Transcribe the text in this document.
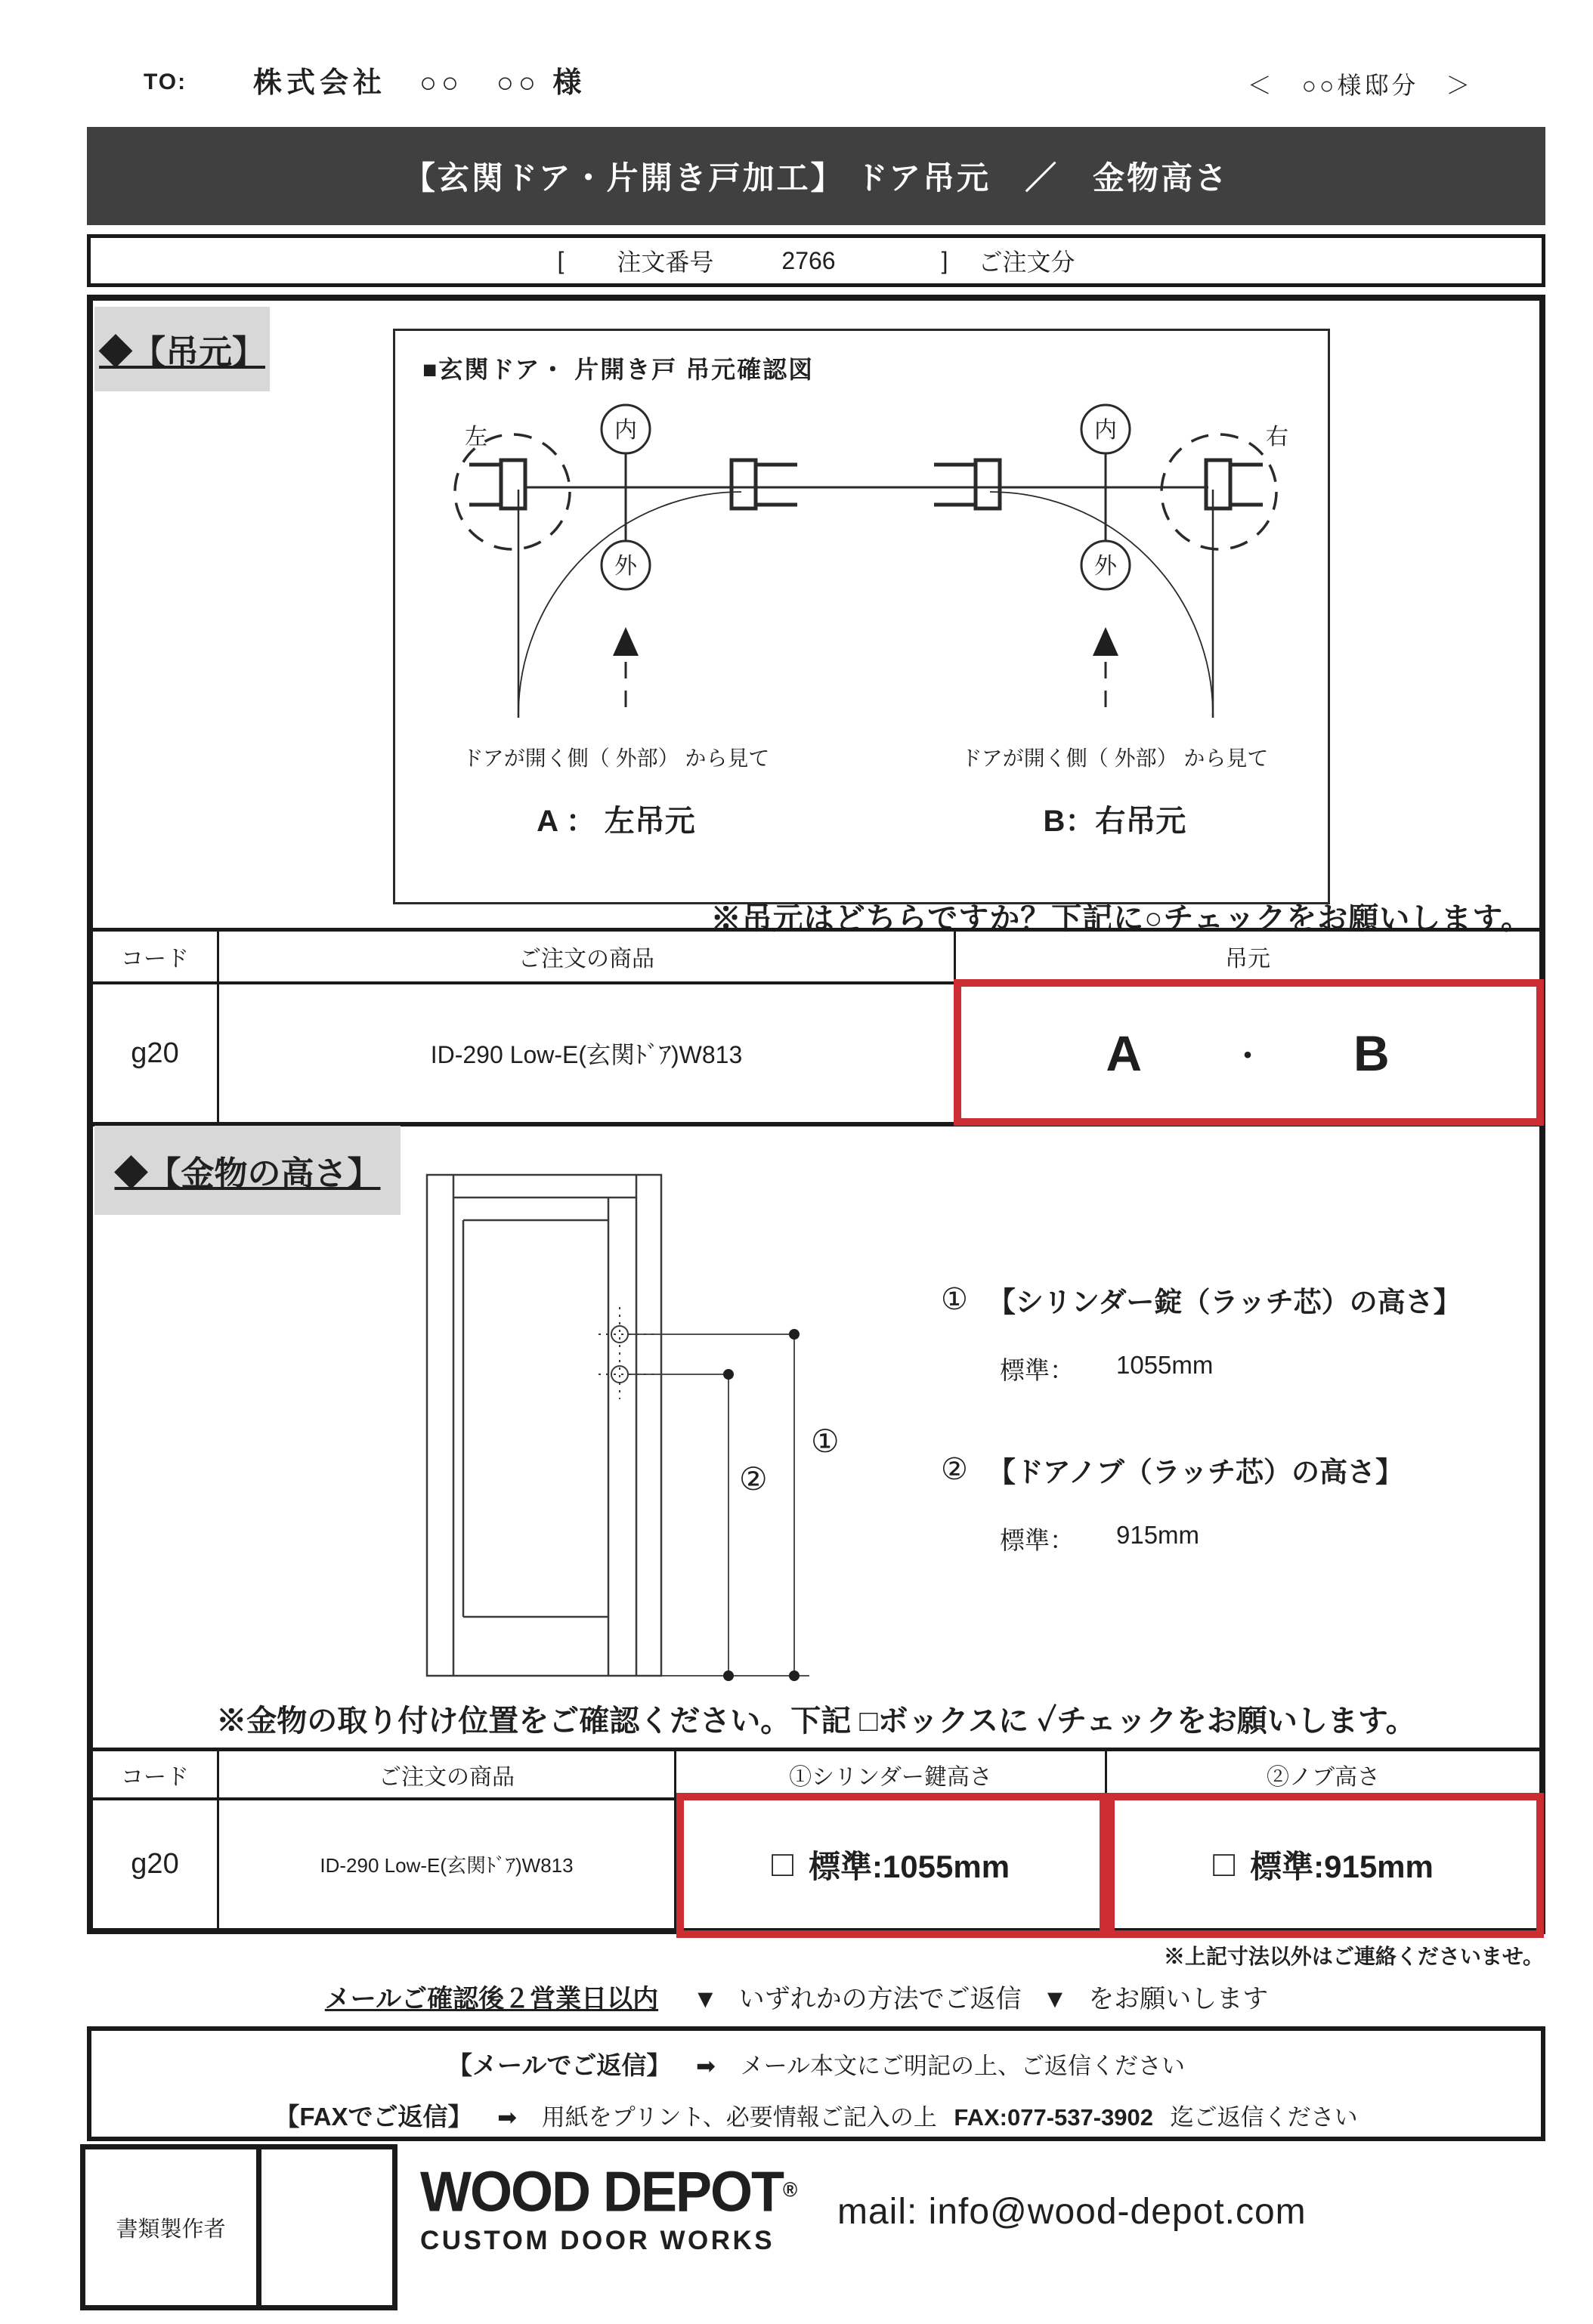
TO: 株式会社　○○　○○ 様	＜　○○様邸分　＞
【玄関ドア・片開き戸加工】 ドア吊元　／　金物高さ
[ 注文番号	2766	] ご注文分
◆【吊元】	■玄関ドア・ 片開き戸 吊元確認図
左	内
外
ドアが開く側（ 外部） から見て
A ： 左吊元
右
内
外
ドアが開く側（ 外部） から見て
B：右吊元
※吊元はどちらですか？下記に○チェックをお願いします。
コード	ご注文の商品	吊元
g20	ID-290 Low-E(玄関ﾄﾞｱ)W813	A	・ B
◆【金物の高さ】
①
②
① 【シリンダー錠（ラッチ芯）の高さ】
標準： 1055mm
② 【ドアノブ（ラッチ芯）の高さ】
標準： 915mm
※金物の取り付け位置をご確認ください。下記 □ボックスに ✓チェックをお願いします。
コード	ご注文の商品	①シリンダー鍵高さ	②ノブ高さ
g20	ID-290 Low-E(玄関ﾄﾞｱ)W813	□ 標準:1055mm	□ 標準:915mm
※上記寸法以外はご連絡くださいませ。
メールご確認後２営業日以内 ▼ いずれかの方法でご返信 ▼ をお願いします
【メールでご返信】 ➡ メール本文にご明記の上、ご返信ください
【FAXでご返信】 ➡ 用紙をプリント、必要情報ご記入の上 FAX:077-537-3902 迄ご返信ください
書類製作者
WOOD DEPOT®
CUSTOM DOOR WORKS
mail: info@wood-depot.com
